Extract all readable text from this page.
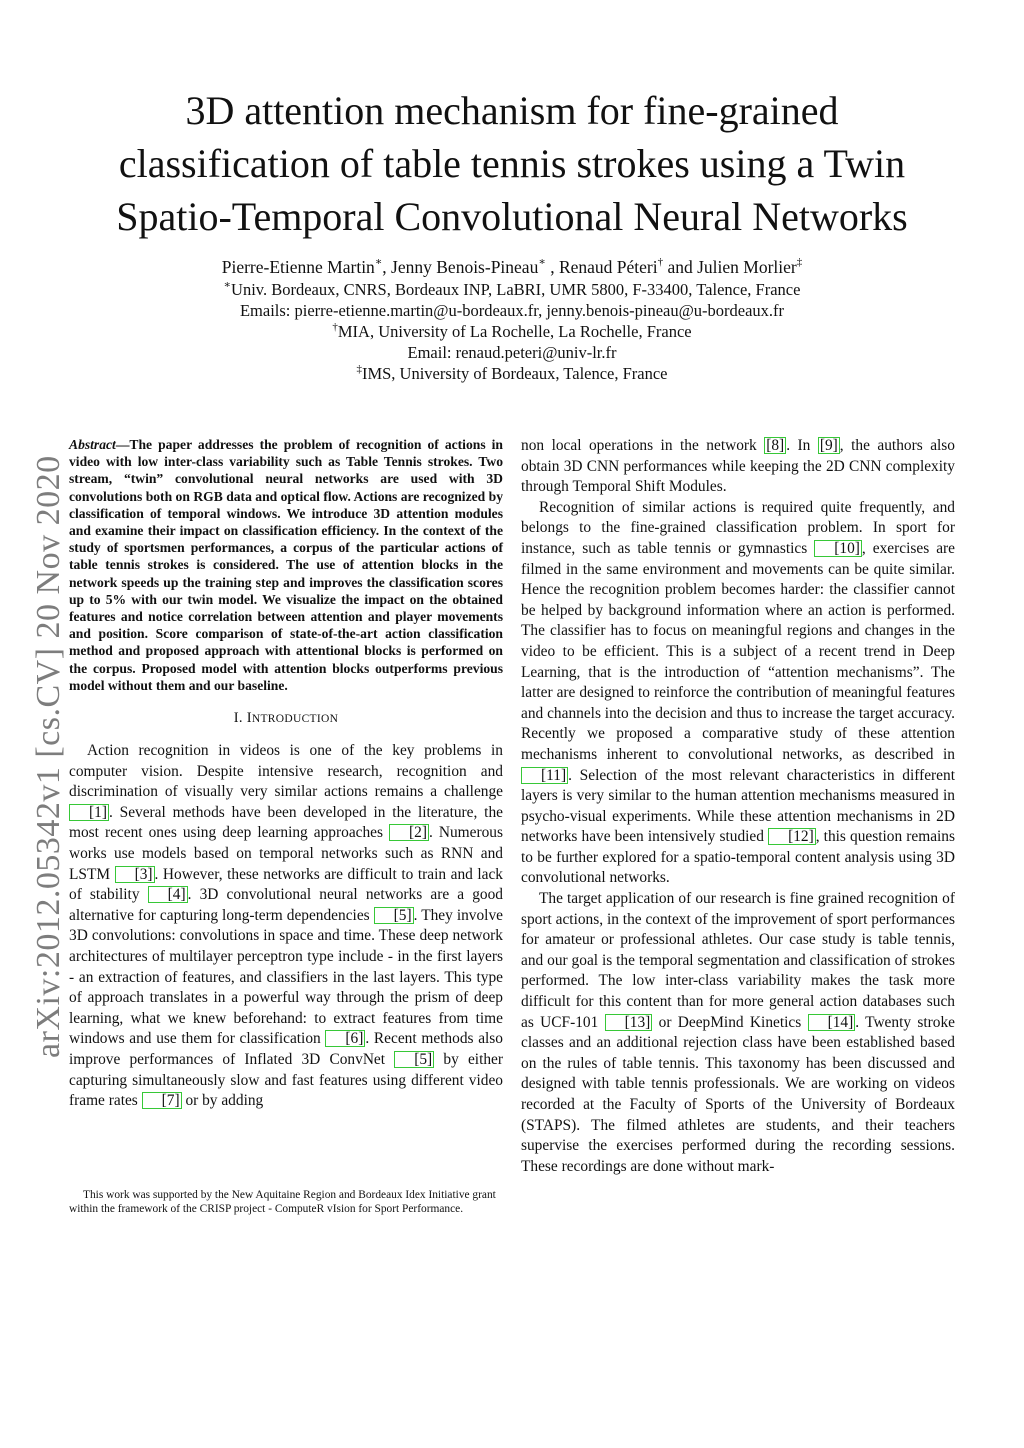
3D attention mechanism for fine-grained
classification of table tennis strokes using a Twin
Spatio-Temporal Convolutional Neural Networks
Pierre-Etienne Martin∗, Jenny Benois-Pineau∗ , Renaud Péteri† and Julien Morlier‡
∗Univ. Bordeaux, CNRS, Bordeaux INP, LaBRI, UMR 5800, F-33400, Talence, France
Emails: pierre-etienne.martin@u-bordeaux.fr, jenny.benois-pineau@u-bordeaux.fr
†MIA, University of La Rochelle, La Rochelle, France
Email: renaud.peteri@univ-lr.fr
‡IMS, University of Bordeaux, Talence, France
arXiv:2012.05342v1 [cs.CV] 20 Nov 2020
Abstract—The paper addresses the problem of recognition of actions in video with low inter-class variability such as Table Tennis strokes. Two stream, “twin” convolutional neural networks are used with 3D convolutions both on RGB data and optical flow. Actions are recognized by classification of temporal windows. We introduce 3D attention modules and examine their impact on classification efficiency. In the context of the study of sportsmen performances, a corpus of the particular actions of table tennis strokes is considered. The use of attention blocks in the network speeds up the training step and improves the classification scores up to 5% with our twin model. We visualize the impact on the obtained features and notice correlation between attention and player movements and position. Score comparison of state-of-the-art action classification method and proposed approach with attentional blocks is performed on the corpus. Proposed model with attention blocks outperforms previous model without them and our baseline.
I. INTRODUCTION

Action recognition in videos is one of the key problems in computer vision. Despite intensive research, recognition and discrimination of visually very similar actions remains a challenge [1] . Several methods have been developed in the literature, the most recent ones using deep learning approaches [2] . Numerous works use models based on temporal networks such as RNN and LSTM [3] . However, these networks are difficult to train and lack of stability [4] . 3D convolutional neural networks are a good alternative for capturing long-term dependencies [5] . They involve 3D convolutions: convolutions in space and time. These deep network architectures of multilayer perceptron type include - in the first layers - an extraction of features, and classifiers in the last layers. This type of approach translates in a powerful way through the prism of deep learning, what we knew beforehand: to extract features from time windows and use them for classification [6] . Recent methods also improve performances of Inflated 3D ConvNet [5] by either capturing simultaneously slow and fast features using different video frame rates [7] or by adding

This work was supported by the New Aquitaine Region and Bordeaux Idex Initiative grant within the framework of the CRISP project - ComputeR vIsion for Sport Performance.

non local operations in the network [8] . In [9] , the authors also obtain 3D CNN performances while keeping the 2D CNN complexity through Temporal Shift Modules.

Recognition of similar actions is required quite frequently, and belongs to the fine-grained classification problem. In sport for instance, such as table tennis or gymnastics [10] , exercises are filmed in the same environment and movements can be quite similar. Hence the recognition problem becomes harder: the classifier cannot be helped by background information where an action is performed. The classifier has to focus on meaningful regions and changes in the video to be efficient. This is a subject of a recent trend in Deep Learning, that is the introduction of “attention mechanisms”. The latter are designed to reinforce the contribution of meaningful features and channels into the decision and thus to increase the target accuracy. Recently we proposed a comparative study of these attention mechanisms inherent to convolutional networks, as described in [11] . Selection of the most relevant characteristics in different layers is very similar to the human attention mechanisms measured in psycho-visual experiments. While these attention mechanisms in 2D networks have been intensively studied [12] , this question remains to be further explored for a spatio-temporal content analysis using 3D convolutional networks.

The target application of our research is fine grained recognition of sport actions, in the context of the improvement of sport performances for amateur or professional athletes. Our case study is table tennis, and our goal is the temporal segmentation and classification of strokes performed. The low inter-class variability makes the task more difficult for this content than for more general action databases such as UCF-101 [13] or DeepMind Kinetics [14] . Twenty stroke classes and an additional rejection class have been established based on the rules of table tennis. This taxonomy has been discussed and designed with table tennis professionals. We are working on videos recorded at the Faculty of Sports of the University of Bordeaux (STAPS). The filmed athletes are students, and their teachers supervise the exercises performed during the recording sessions. These recordings are done without mark-
